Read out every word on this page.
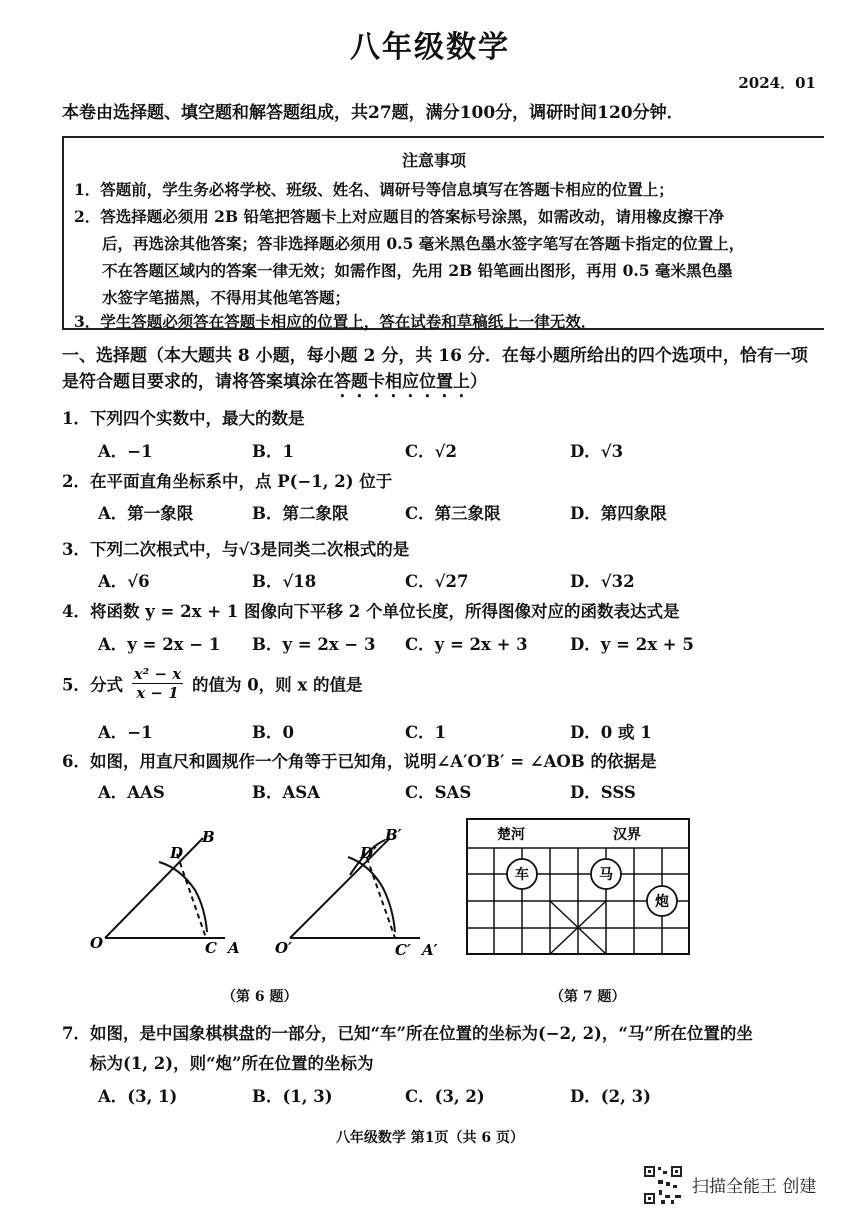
八年级数学
2024．01
本卷由选择题、填空题和解答题组成，共27题，满分100分，调研时间120分钟．
注意事项
1．答题前，学生务必将学校、班级、姓名、调研号等信息填写在答题卡相应的位置上；
2．答选择题必须用 2B 铅笔把答题卡上对应题目的答案标号涂黑，如需改动，请用橡皮擦干净
后，再选涂其他答案；答非选择题必须用 0.5 毫米黑色墨水签字笔写在答题卡指定的位置上，
不在答题区域内的答案一律无效；如需作图，先用 2B 铅笔画出图形，再用 0.5 毫米黑色墨
水签字笔描黑，不得用其他笔答题；
3．学生答题必须答在答题卡相应的位置上，答在试卷和草稿纸上一律无效．
一、选择题（本大题共 8 小题，每小题 2 分，共 16 分．在每小题所给出的四个选项中，恰有一项
是符合题目要求的，请将答案填涂在答题卡相应位置上）
1．下列四个实数中，最大的数是
A．−1	B．1	C．√2	D．√3
2．在平面直角坐标系中，点 P(−1, 2) 位于
A．第一象限	B．第二象限	C．第三象限	D．第四象限
3．下列二次根式中，与√3是同类二次根式的是
A．√6	B．√18	C．√27	D．√32
4．将函数 y = 2x + 1 图像向下平移 2 个单位长度，所得图像对应的函数表达式是
A．y = 2x − 1 B．y = 2x − 3 C．y = 2x + 3	D．y = 2x + 5
5．分式 $\frac{\text{x² − x}}{x - 1}$ 的值为 0，则 x 的值是
A．−1	B．0	C．1	D．0 或 1
6．如图，用直尺和圆规作一个角等于已知角，说明∠A′O′B′ = ∠AOB 的依据是
A．AAS	B．ASA	C．SAS	D．SSS
O	C A
D
B
O′	C′ A′
D′
B′
（第 6 题）
楚河	汉界
车	马
炮
（第 7 题）
7．如图，是中国象棋棋盘的一部分，已知“车”所在位置的坐标为(−2, 2)，“马”所在位置的坐
标为(1, 2)，则“炮”所在位置的坐标为
A．(3, 1)	B．(1, 3)	C．(3, 2)	D．(2, 3)
八年级数学 第1页（共 6 页）
扫描全能王 创建
